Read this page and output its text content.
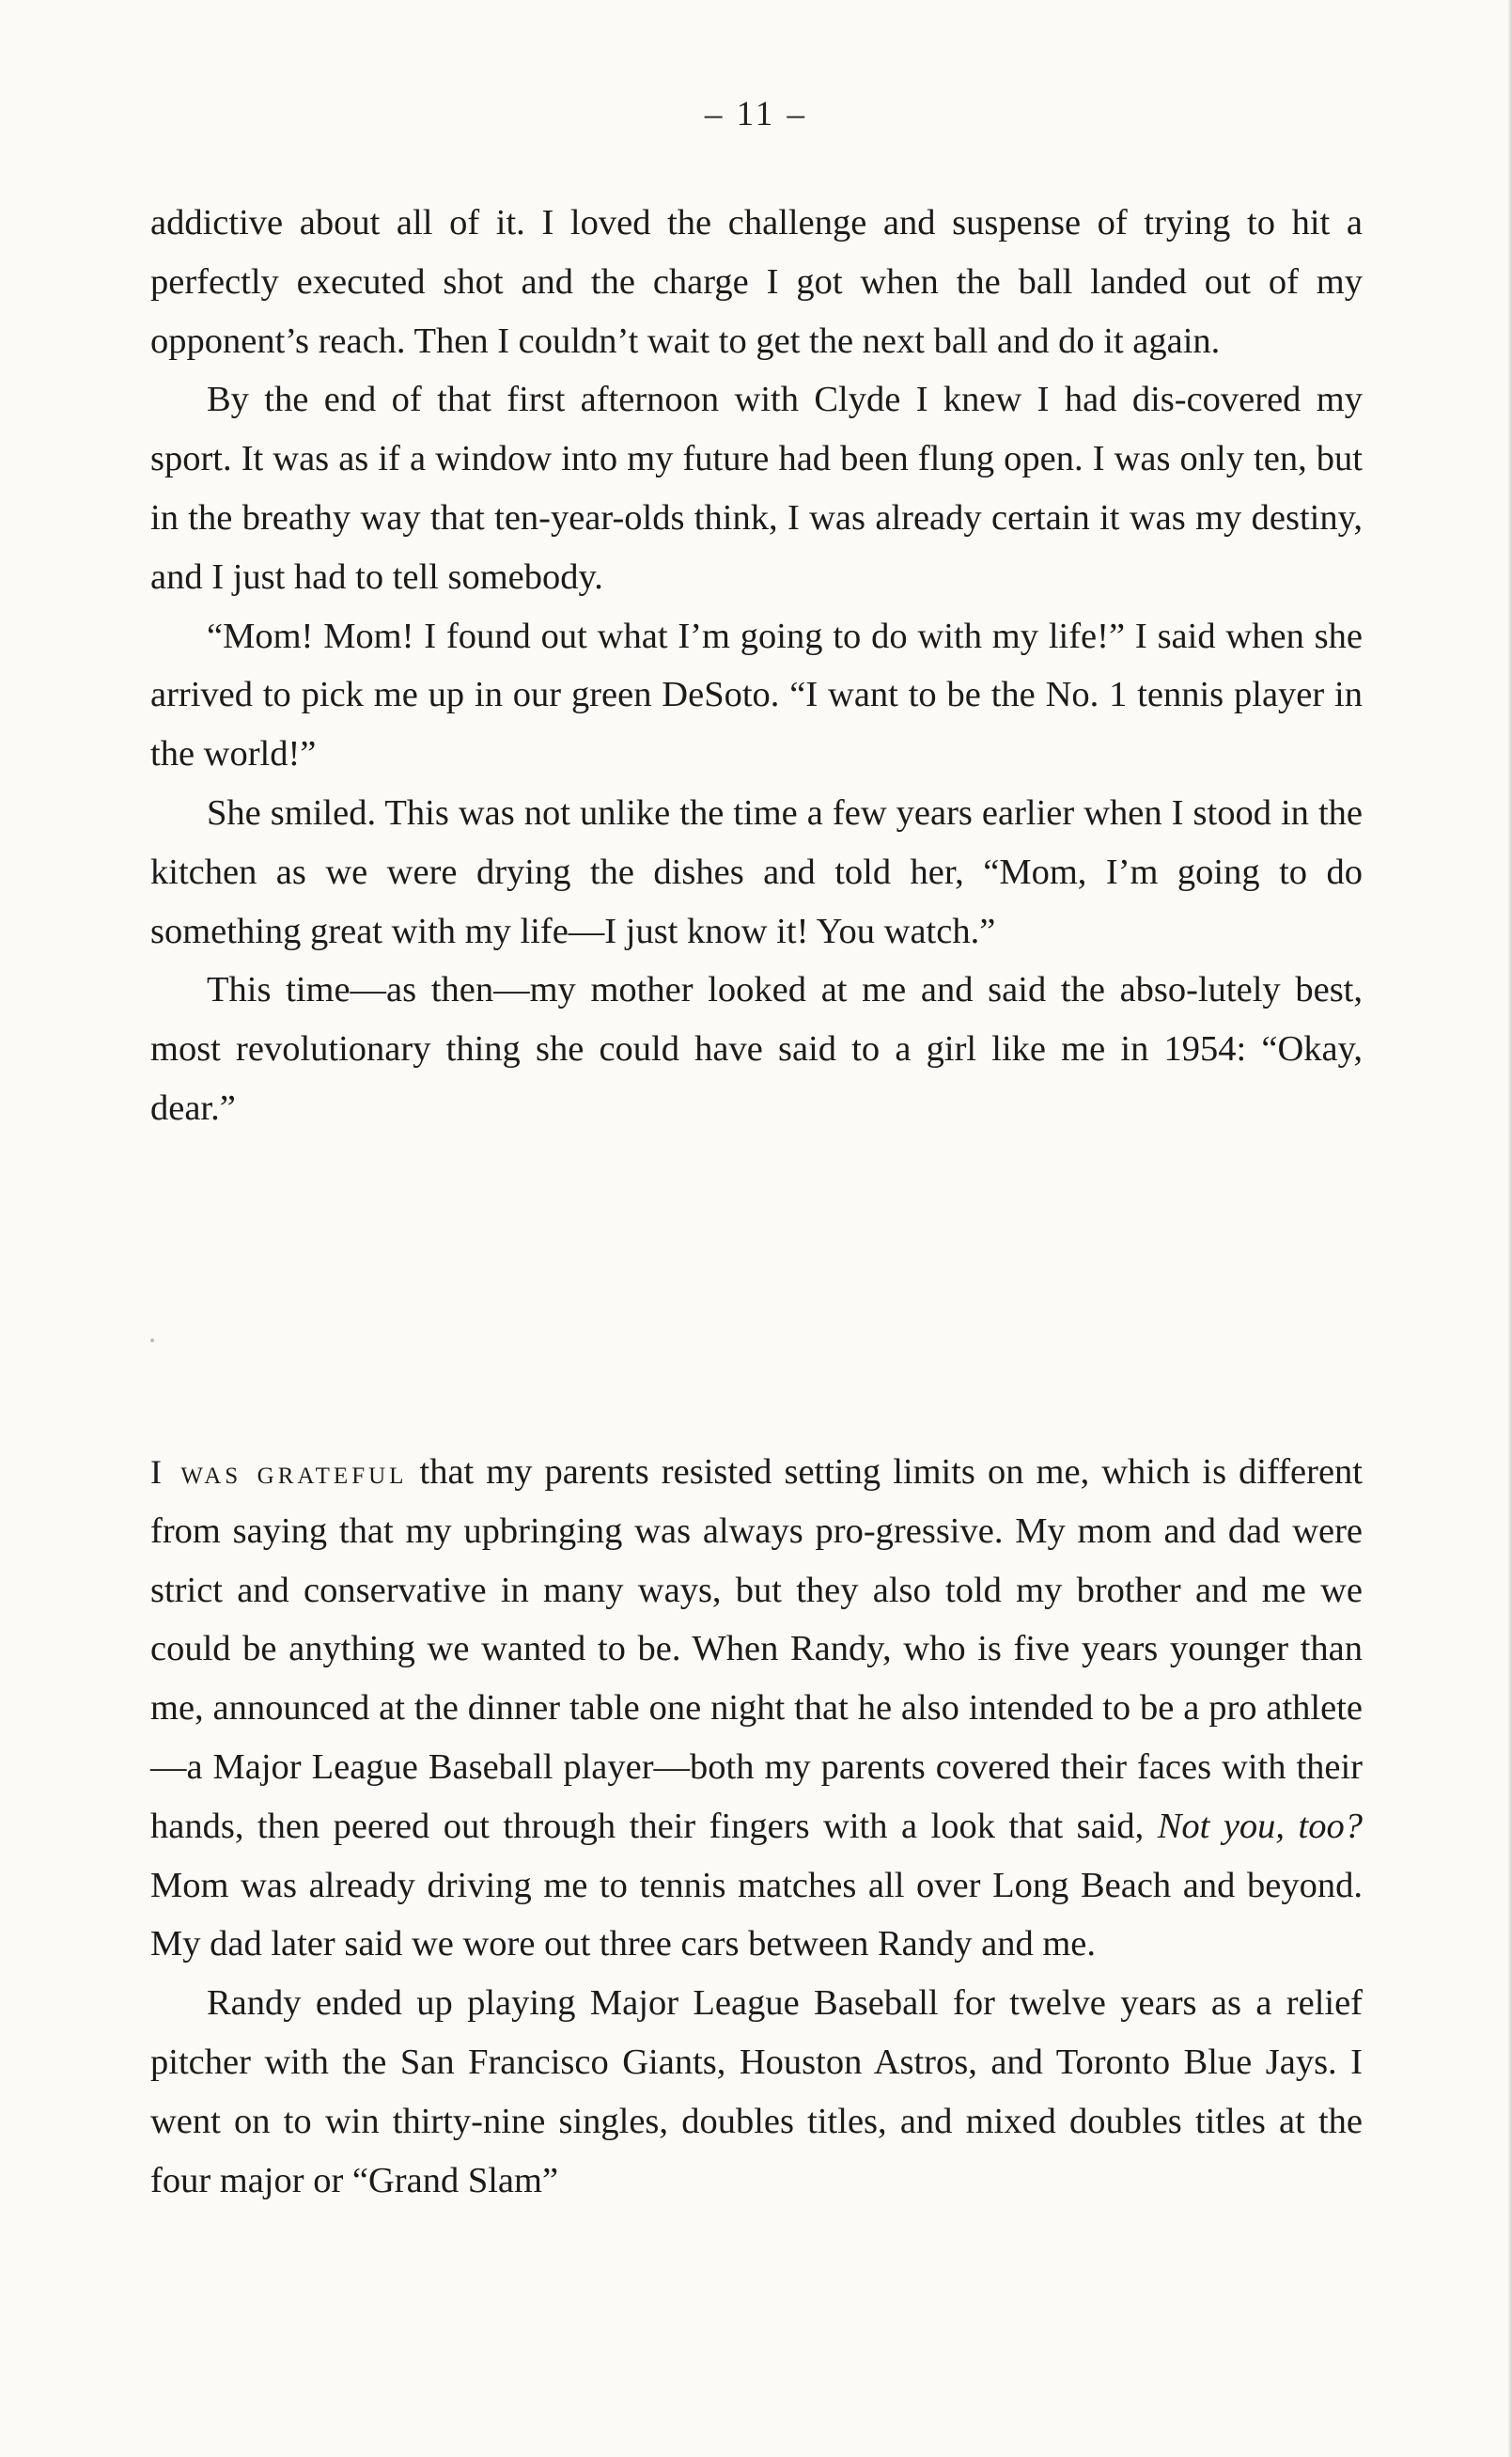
– 11 –

addictive about all of it. I loved the challenge and suspense of trying to hit a perfectly executed shot and the charge I got when the ball landed out of my opponent’s reach. Then I couldn’t wait to get the next ball and do it again.

By the end of that first afternoon with Clyde I knew I had dis-covered my sport. It was as if a window into my future had been flung open. I was only ten, but in the breathy way that ten-year-olds think, I was already certain it was my destiny, and I just had to tell somebody.

“Mom! Mom! I found out what I’m going to do with my life!” I said when she arrived to pick me up in our green DeSoto. “I want to be the No. 1 tennis player in the world!”

She smiled. This was not unlike the time a few years earlier when I stood in the kitchen as we were drying the dishes and told her, “Mom, I’m going to do something great with my life—I just know it! You watch.”

This time—as then—my mother looked at me and said the abso-lutely best, most revolutionary thing she could have said to a girl like me in 1954: “Okay, dear.”

I was grateful that my parents resisted setting limits on me, which is different from saying that my upbringing was always pro-gressive. My mom and dad were strict and conservative in many ways, but they also told my brother and me we could be anything we wanted to be. When Randy, who is five years younger than me, announced at the dinner table one night that he also intended to be a pro athlete—a Major League Baseball player—both my parents covered their faces with their hands, then peered out through their fingers with a look that said, Not you, too? Mom was already driving me to tennis matches all over Long Beach and beyond. My dad later said we wore out three cars between Randy and me.

Randy ended up playing Major League Baseball for twelve years as a relief pitcher with the San Francisco Giants, Houston Astros, and Toronto Blue Jays. I went on to win thirty-nine singles, doubles titles, and mixed doubles titles at the four major or “Grand Slam”
